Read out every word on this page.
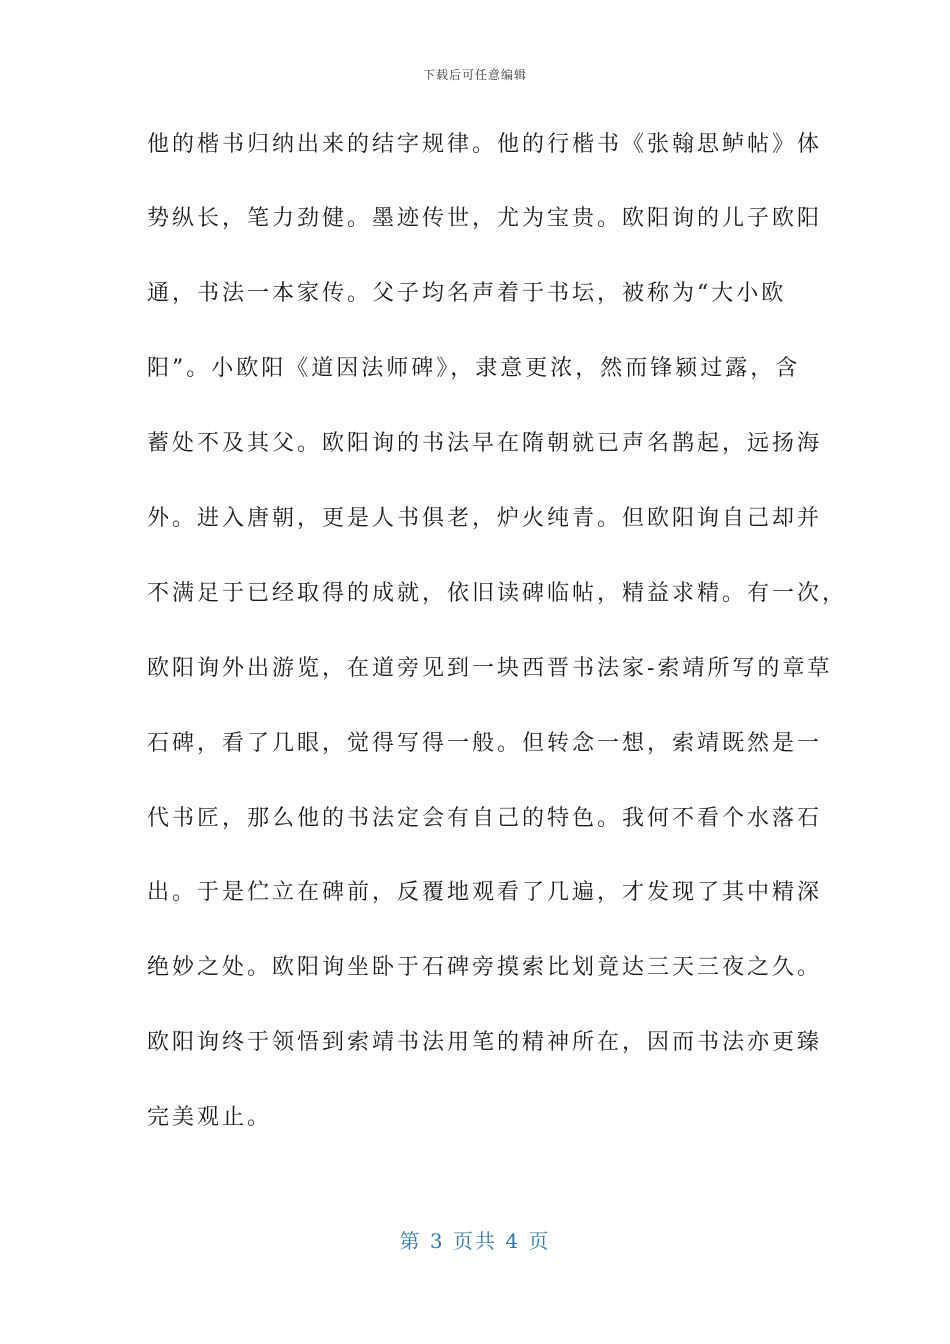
下载后可任意编辑
他的楷书归纳出来的结字规律。他的行楷书《张翰思鲈帖》体
势纵长，笔力劲健。墨迹传世，尤为宝贵。欧阳询的儿子欧阳
通，书法一本家传。父子均名声着于书坛，被称为“大小欧
阳”。小欧阳《道因法师碑》，隶意更浓，然而锋颍过露，含
蓄处不及其父。欧阳询的书法早在隋朝就已声名鹊起，远扬海
外。进入唐朝，更是人书俱老，炉火纯青。但欧阳询自己却并
不满足于已经取得的成就，依旧读碑临帖，精益求精。有一次，
欧阳询外出游览，在道旁见到一块西晋书法家-索靖所写的章草
石碑，看了几眼，觉得写得一般。但转念一想，索靖既然是一
代书匠，那么他的书法定会有自己的特色。我何不看个水落石
出。于是伫立在碑前，反覆地观看了几遍，才发现了其中精深
绝妙之处。欧阳询坐卧于石碑旁摸索比划竟达三天三夜之久。
欧阳询终于领悟到索靖书法用笔的精神所在，因而书法亦更臻
完美观止。
第 3 页共 4 页
